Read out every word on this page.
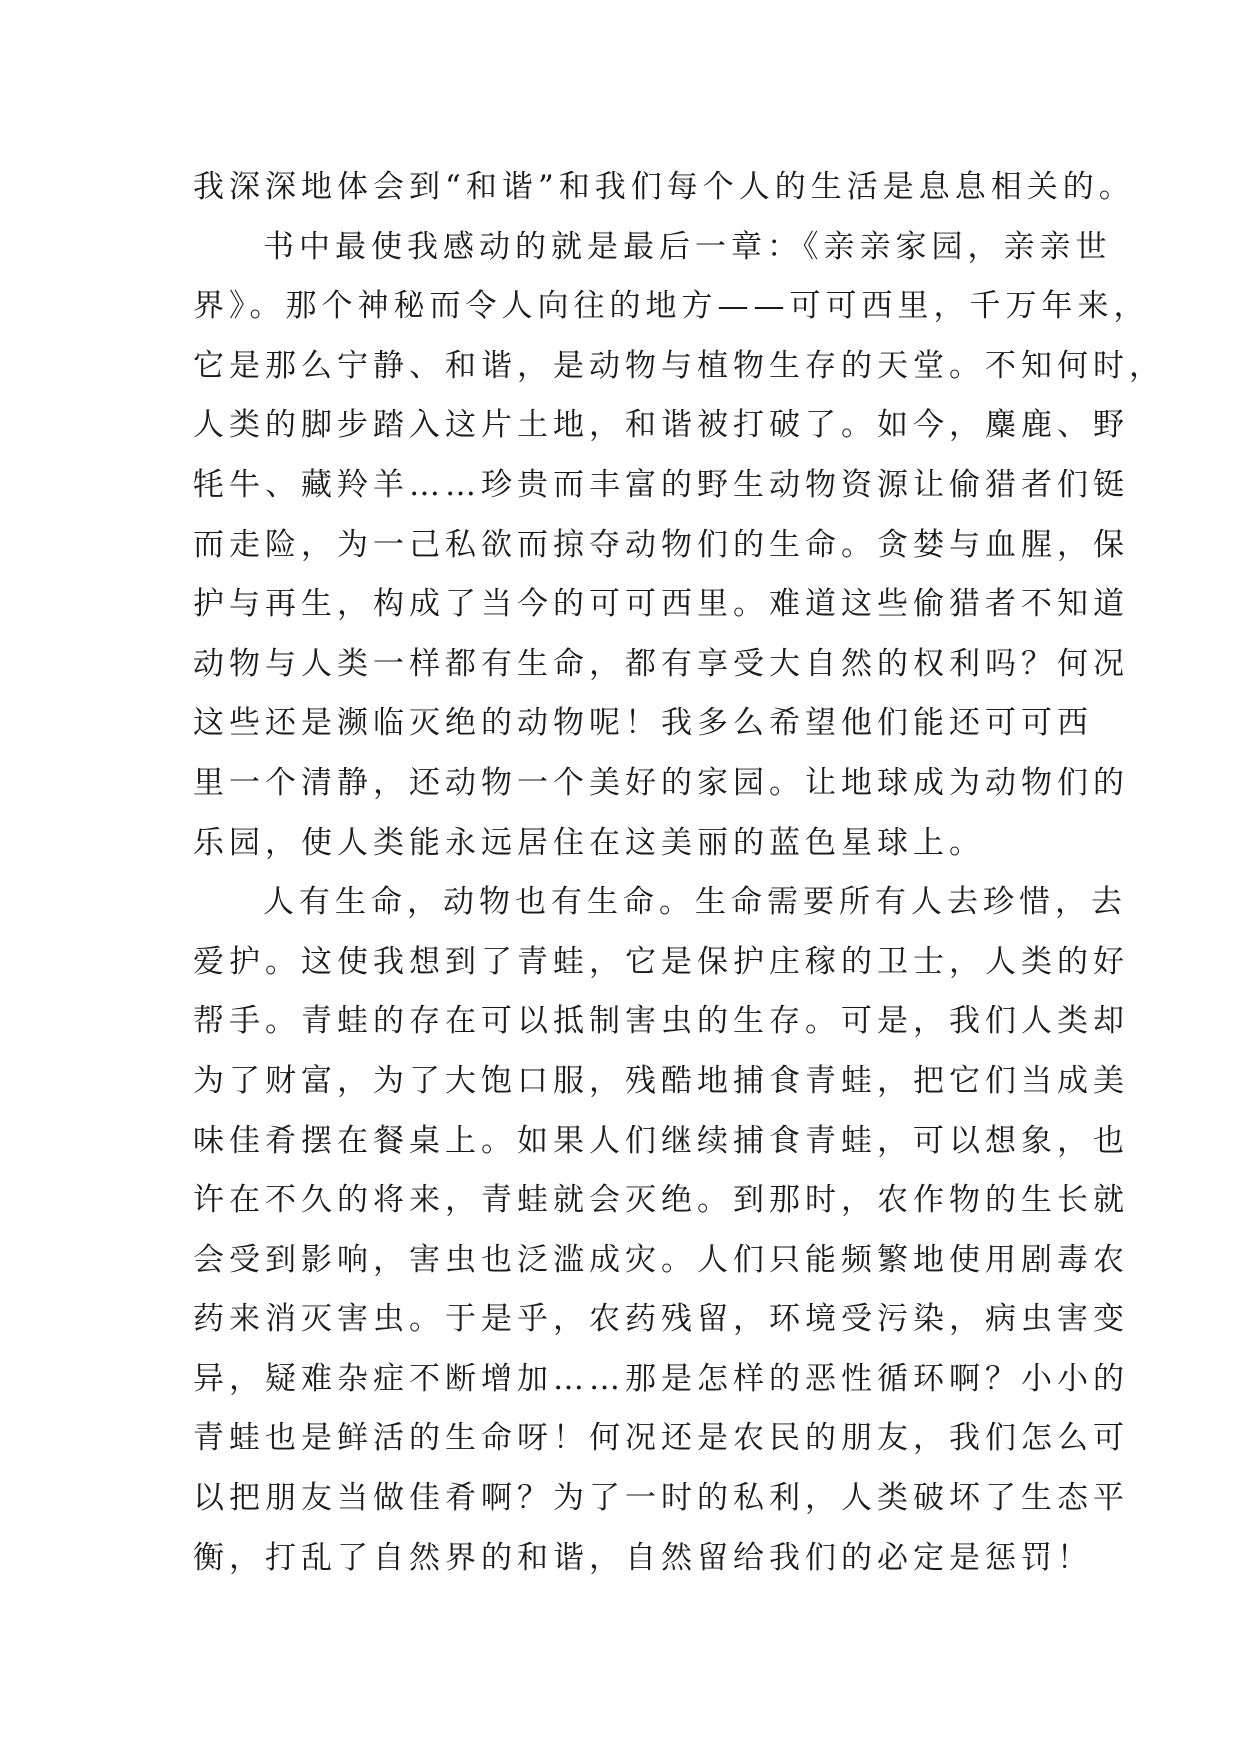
我深深地体会到“和谐”和我们每个人的生活是息息相关的。
书中最使我感动的就是最后一章：《亲亲家园，亲亲世
界》。那个神秘而令人向往的地方——可可西里，千万年来，
它是那么宁静、和谐，是动物与植物生存的天堂。不知何时，
人类的脚步踏入这片土地，和谐被打破了。如今，麋鹿、野
牦牛、藏羚羊……珍贵而丰富的野生动物资源让偷猎者们铤
而走险，为一己私欲而掠夺动物们的生命。贪婪与血腥，保
护与再生，构成了当今的可可西里。难道这些偷猎者不知道
动物与人类一样都有生命，都有享受大自然的权利吗？何况
这些还是濒临灭绝的动物呢！我多么希望他们能还可可西
里一个清静，还动物一个美好的家园。让地球成为动物们的
乐园，使人类能永远居住在这美丽的蓝色星球上。
人有生命，动物也有生命。生命需要所有人去珍惜，去
爱护。这使我想到了青蛙，它是保护庄稼的卫士，人类的好
帮手。青蛙的存在可以抵制害虫的生存。可是，我们人类却
为了财富，为了大饱口服，残酷地捕食青蛙，把它们当成美
味佳肴摆在餐桌上。如果人们继续捕食青蛙，可以想象，也
许在不久的将来，青蛙就会灭绝。到那时，农作物的生长就
会受到影响，害虫也泛滥成灾。人们只能频繁地使用剧毒农
药来消灭害虫。于是乎，农药残留，环境受污染，病虫害变
异，疑难杂症不断增加……那是怎样的恶性循环啊？小小的
青蛙也是鲜活的生命呀！何况还是农民的朋友，我们怎么可
以把朋友当做佳肴啊？为了一时的私利，人类破坏了生态平
衡，打乱了自然界的和谐，自然留给我们的必定是惩罚！
